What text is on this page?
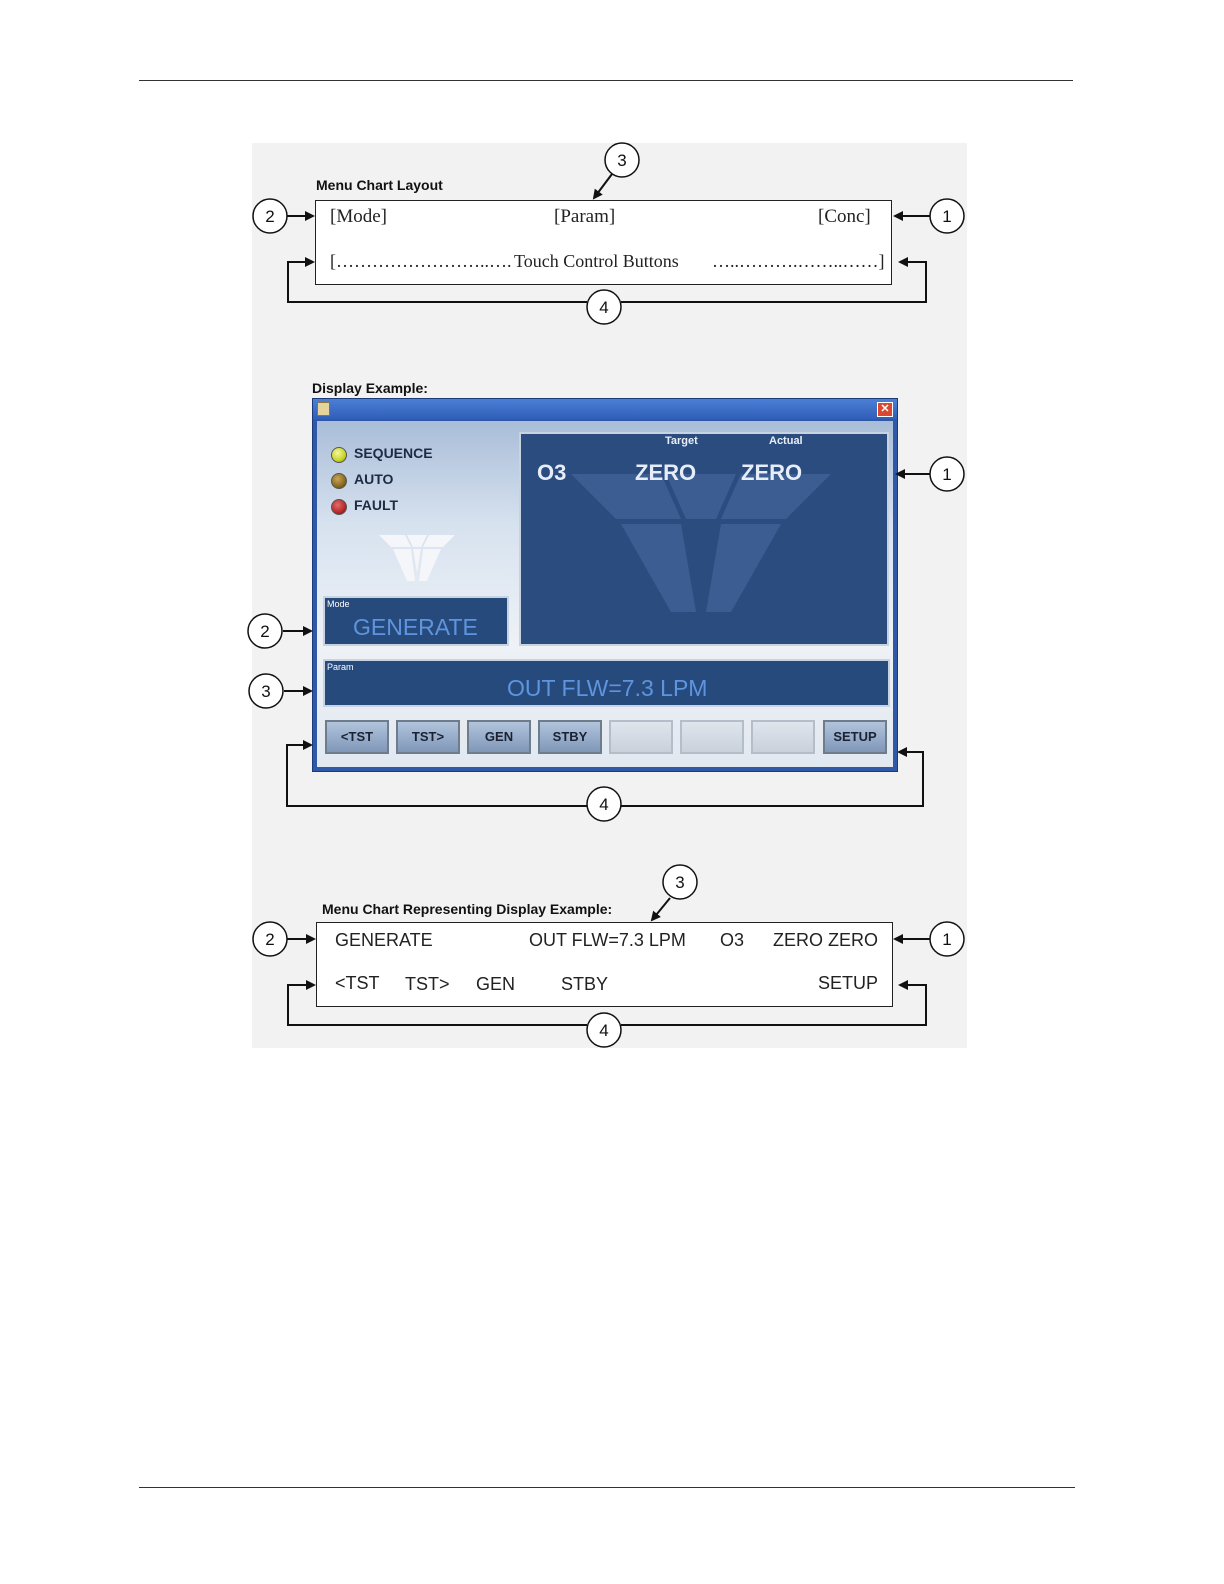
Menu Chart Layout
[Mode]	[Param]	[Conc]
[……………………..…. Touch Control Buttons …..……….……..……]
Display Example:
✕
SEQUENCE
AUTO
FAULT
Target	Actual
O3	ZERO ZERO
Mode
GENERATE
Param
OUT FLW=7.3 LPM
<TST	TST>	GEN	STBY	SETUP
Menu Chart Representing Display Example:
GENERATE	OUT FLW=7.3 LPM O3 ZERO ZERO
<TST TST> GEN	STBY	SETUP
3
2	1
4
1
2
3
4
3
2	1
4
